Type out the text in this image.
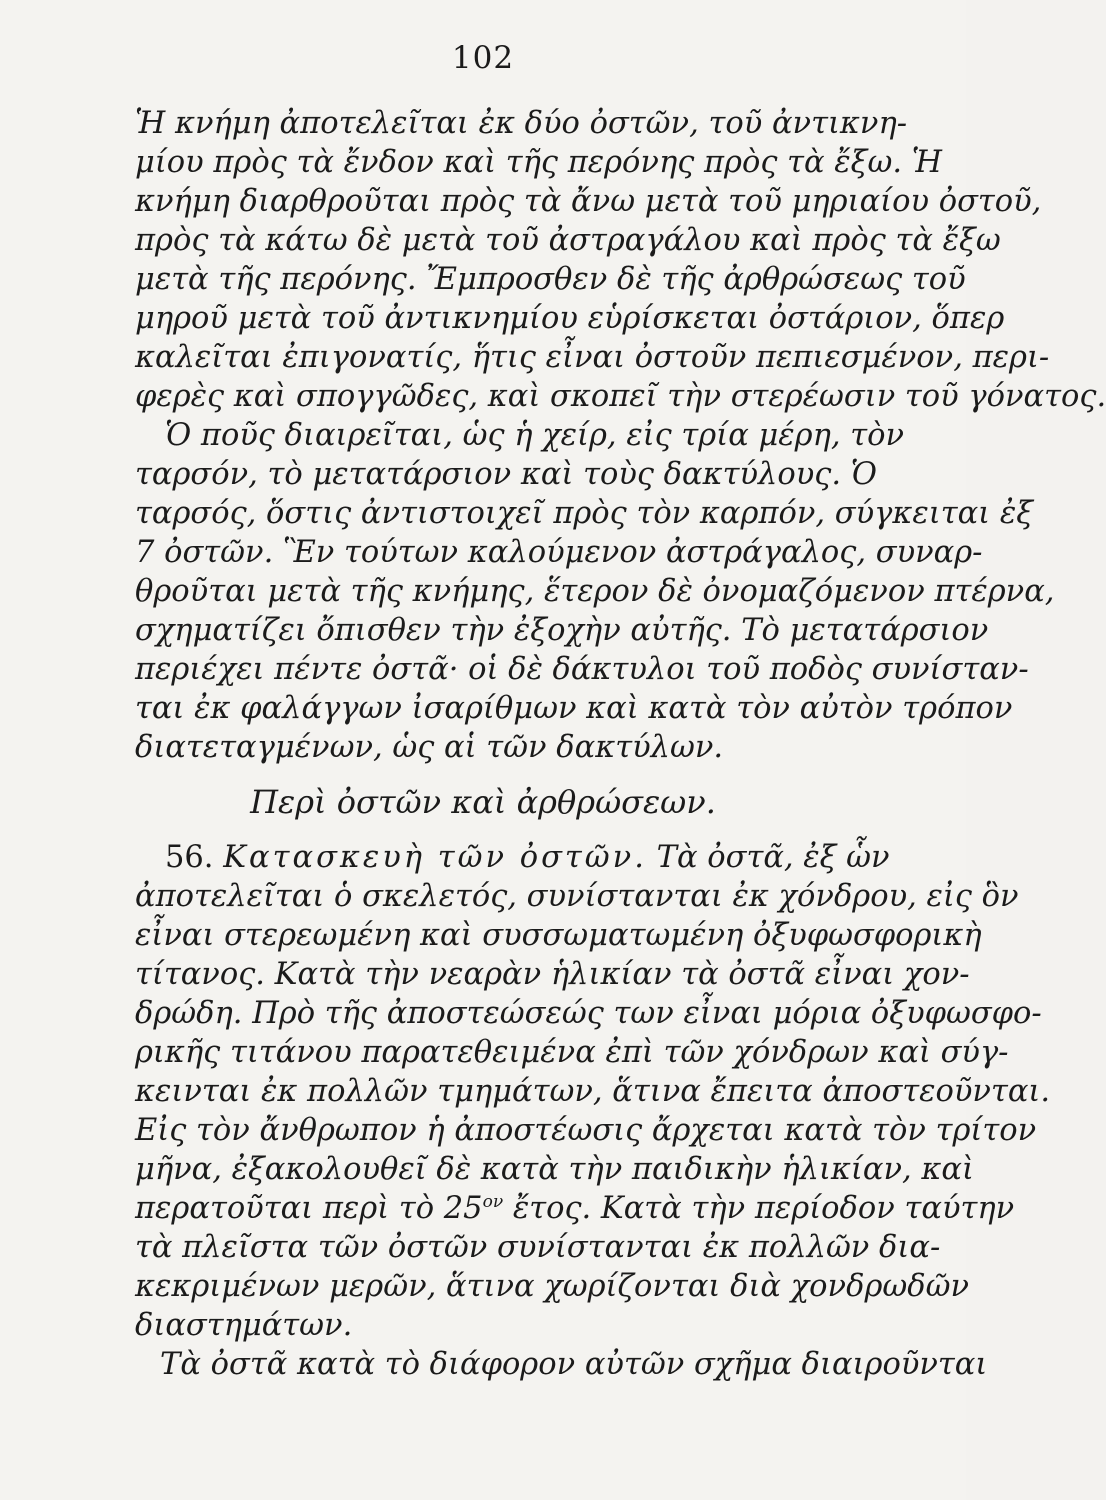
102
Ἡ κνήμη ἀποτελεῖται ἐκ δύο ὀστῶν, τοῦ ἀντικνη-
μίου πρὸς τὰ ἔνδον καὶ τῆς περόνης πρὸς τὰ ἔξω. Ἡ
κνήμη διαρθροῦται πρὸς τὰ ἄνω μετὰ τοῦ μηριαίου ὀστοῦ,
πρὸς τὰ κάτω δὲ μετὰ τοῦ ἀστραγάλου καὶ πρὸς τὰ ἔξω
μετὰ τῆς περόνης. Ἔμπροσθεν δὲ τῆς ἀρθρώσεως τοῦ
μηροῦ μετὰ τοῦ ἀντικνημίου εὑρίσκεται ὀστάριον, ὅπερ
καλεῖται ἐπιγονατίς, ἥτις εἶναι ὀστοῦν πεπιεσμένον, περι-
φερὲς καὶ σπογγῶδες, καὶ σκοπεῖ τὴν στερέωσιν τοῦ γόνατος.
Ὁ ποῦς διαιρεῖται, ὡς ἡ χείρ, εἰς τρία μέρη, τὸν
ταρσόν, τὸ μετατάρσιον καὶ τοὺς δακτύλους. Ὁ
ταρσός, ὅστις ἀντιστοιχεῖ πρὸς τὸν καρπόν, σύγκειται ἐξ
7 ὀστῶν. Ἓν τούτων καλούμενον ἀστράγαλος, συναρ-
θροῦται μετὰ τῆς κνήμης, ἕτερον δὲ ὀνομαζόμενον πτέρνα,
σχηματίζει ὄπισθεν τὴν ἐξοχὴν αὐτῆς. Τὸ μετατάρσιον
περιέχει πέντε ὀστᾶ· οἱ δὲ δάκτυλοι τοῦ ποδὸς συνίσταν-
ται ἐκ φαλάγγων ἰσαρίθμων καὶ κατὰ τὸν αὐτὸν τρόπον
διατεταγμένων, ὡς αἱ τῶν δακτύλων.
Περὶ ὀστῶν καὶ ἀρθρώσεων.
56. Κατασκευὴ τῶν ὀστῶν. Τὰ ὀστᾶ, ἐξ ὧν
ἀποτελεῖται ὁ σκελετός, συνίστανται ἐκ χόνδρου, εἰς ὃν
εἶναι στερεωμένη καὶ συσσωματωμένη ὀξυφωσφορικὴ
τίτανος. Κατὰ τὴν νεαρὰν ἡλικίαν τὰ ὀστᾶ εἶναι χον-
δρώδη. Πρὸ τῆς ἀποστεώσεώς των εἶναι μόρια ὀξυφωσφο-
ρικῆς τιτάνου παρατεθειμένα ἐπὶ τῶν χόνδρων καὶ σύγ-
κεινται ἐκ πολλῶν τμημάτων, ἅτινα ἔπειτα ἀποστεοῦνται.
Εἰς τὸν ἄνθρωπον ἡ ἀποστέωσις ἄρχεται κατὰ τὸν τρίτον
μῆνα, ἐξακολουθεῖ δὲ κατὰ τὴν παιδικὴν ἡλικίαν, καὶ
περατοῦται περὶ τὸ $25^{o\nu}$ ἔτος. Κατὰ τὴν περίοδον ταύτην
τὰ πλεῖστα τῶν ὀστῶν συνίστανται ἐκ πολλῶν δια-
κεκριμένων μερῶν, ἅτινα χωρίζονται διὰ χονδρωδῶν
διαστημάτων.
Τὰ ὀστᾶ κατὰ τὸ διάφορον αὐτῶν σχῆμα διαιροῦνται
